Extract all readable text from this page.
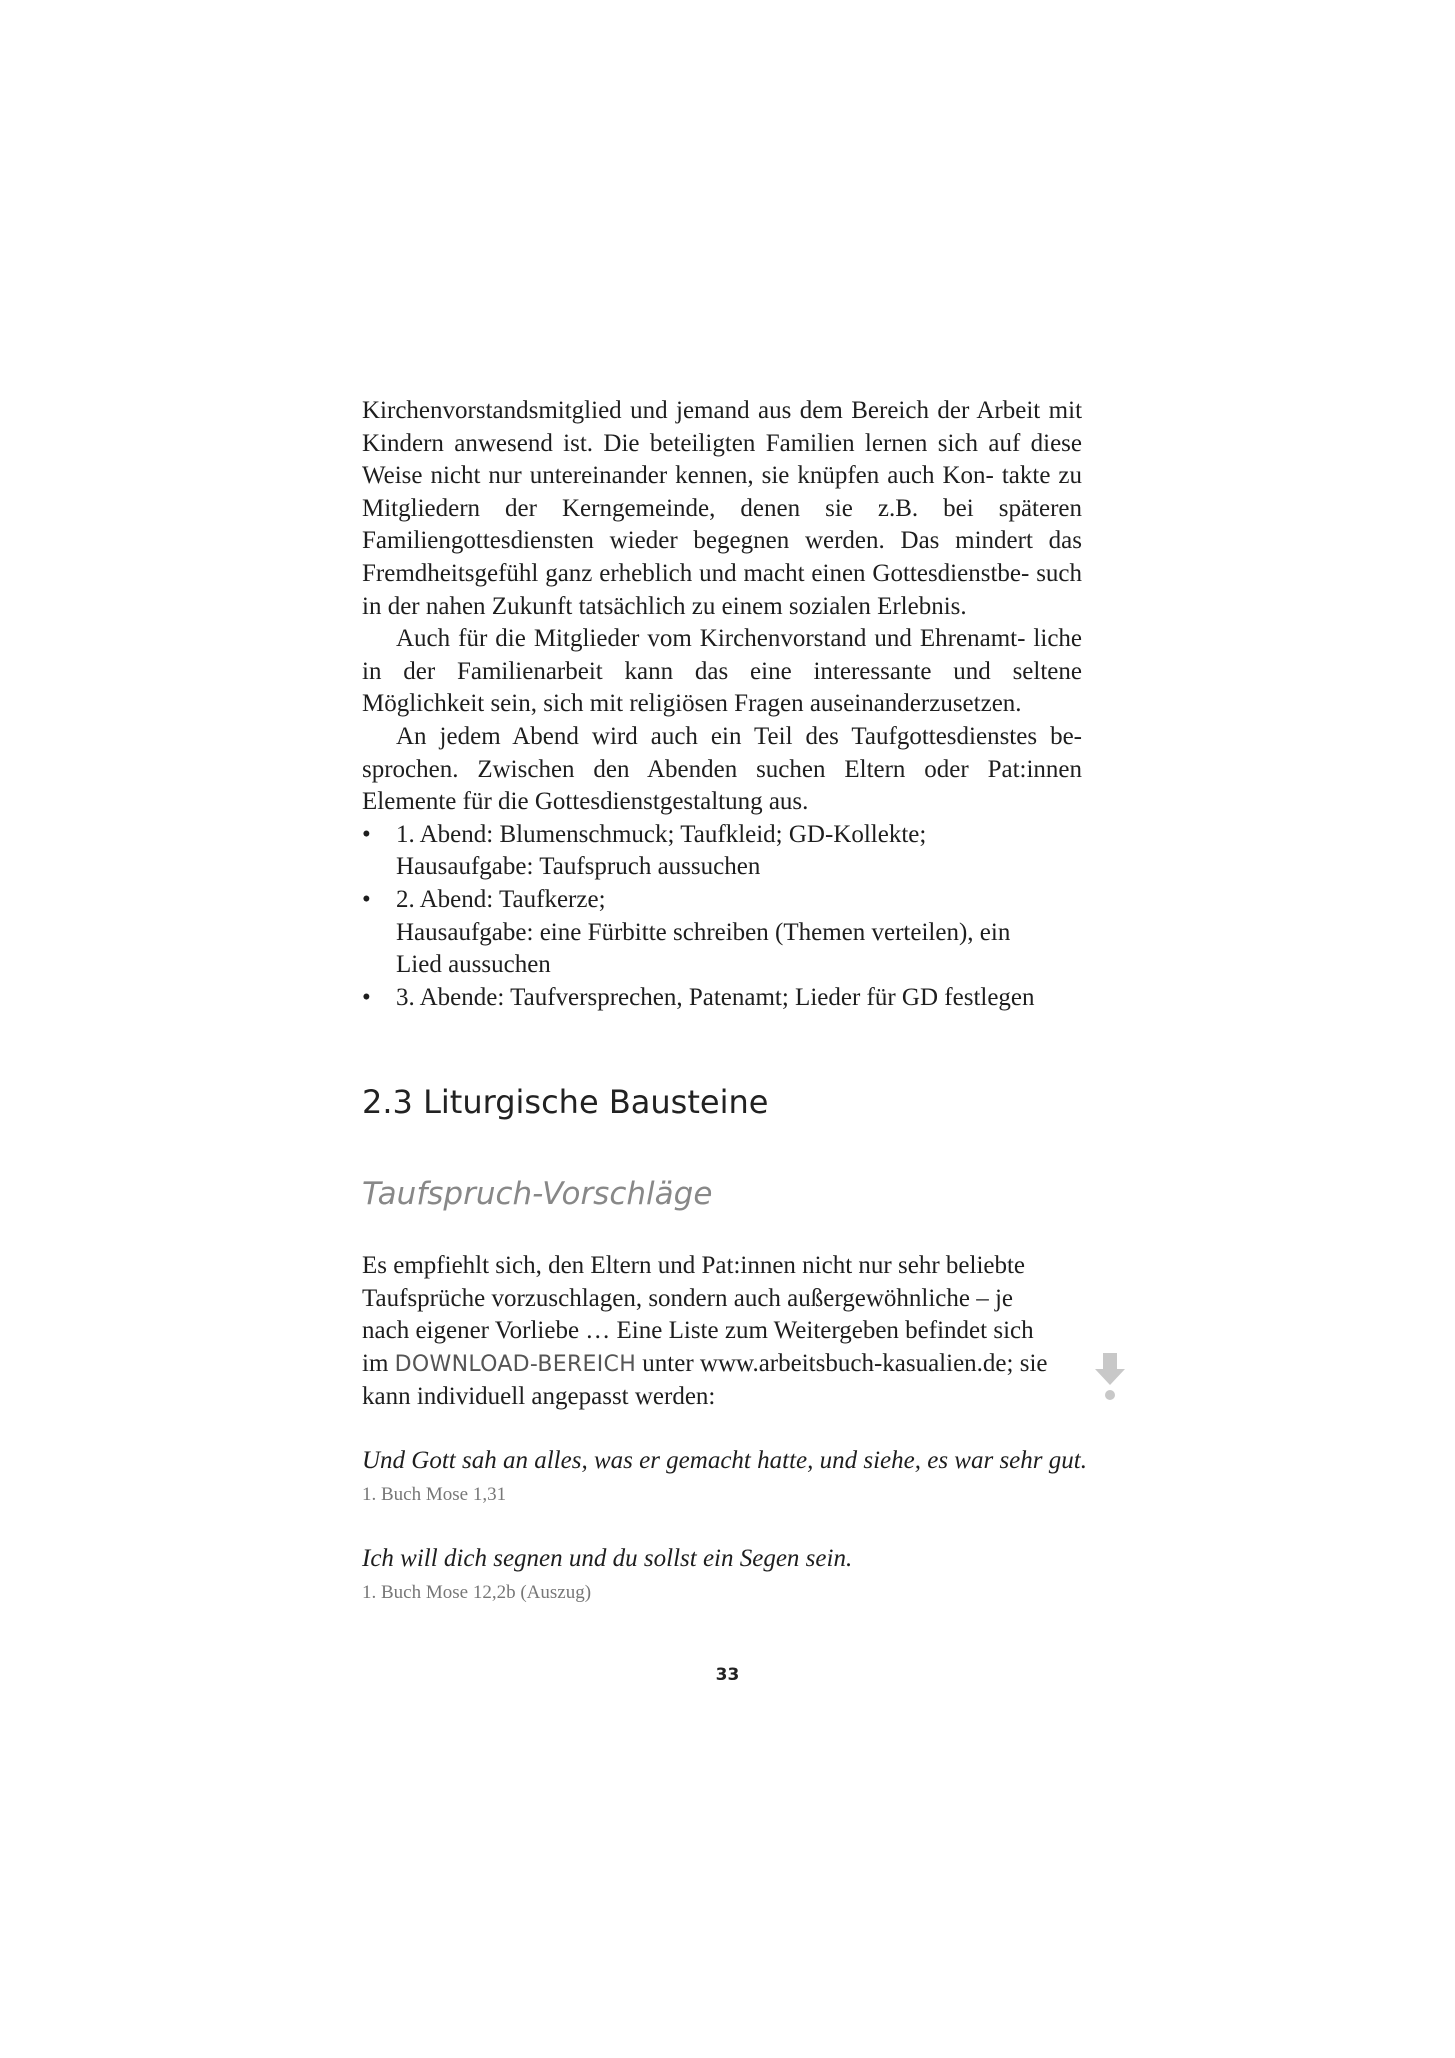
Kirchenvorstandsmitglied und jemand aus dem Bereich der Arbeit mit Kindern anwesend ist. Die beteiligten Familien lernen sich auf diese Weise nicht nur untereinander kennen, sie knüpfen auch Kon- takte zu Mitgliedern der Kerngemeinde, denen sie z.B. bei späteren Familiengottesdiensten wieder begegnen werden. Das mindert das Fremdheitsgefühl ganz erheblich und macht einen Gottesdienstbe- such in der nahen Zukunft tatsächlich zu einem sozialen Erlebnis.

Auch für die Mitglieder vom Kirchenvorstand und Ehrenamt- liche in der Familienarbeit kann das eine interessante und seltene Möglichkeit sein, sich mit religiösen Fragen auseinanderzusetzen.

An jedem Abend wird auch ein Teil des Taufgottesdienstes be- sprochen. Zwischen den Abenden suchen Eltern oder Pat:innen Elemente für die Gottesdienstgestaltung aus.

• 1. Abend: Blumenschmuck; Taufkleid; GD-Kollekte;
Hausaufgabe: Taufspruch aussuchen
• 2. Abend: Taufkerze;
Hausaufgabe: eine Fürbitte schreiben (Themen verteilen), ein
Lied aussuchen
• 3. Abende: Taufversprechen, Patenamt; Lieder für GD festlegen
2.3 Liturgische Bausteine
Taufspruch-Vorschläge
Es empfiehlt sich, den Eltern und Pat:innen nicht nur sehr beliebte
Taufsprüche vorzuschlagen, sondern auch außergewöhnliche – je
nach eigener Vorliebe … Eine Liste zum Weitergeben befindet sich
im DOWNLOAD-BEREICH unter www.arbeitsbuch-kasualien.de; sie
kann individuell angepasst werden:
Und Gott sah an alles, was er gemacht hatte, und siehe, es war sehr gut.
1. Buch Mose 1,31
Ich will dich segnen und du sollst ein Segen sein.
1. Buch Mose 12,2b (Auszug)
33
